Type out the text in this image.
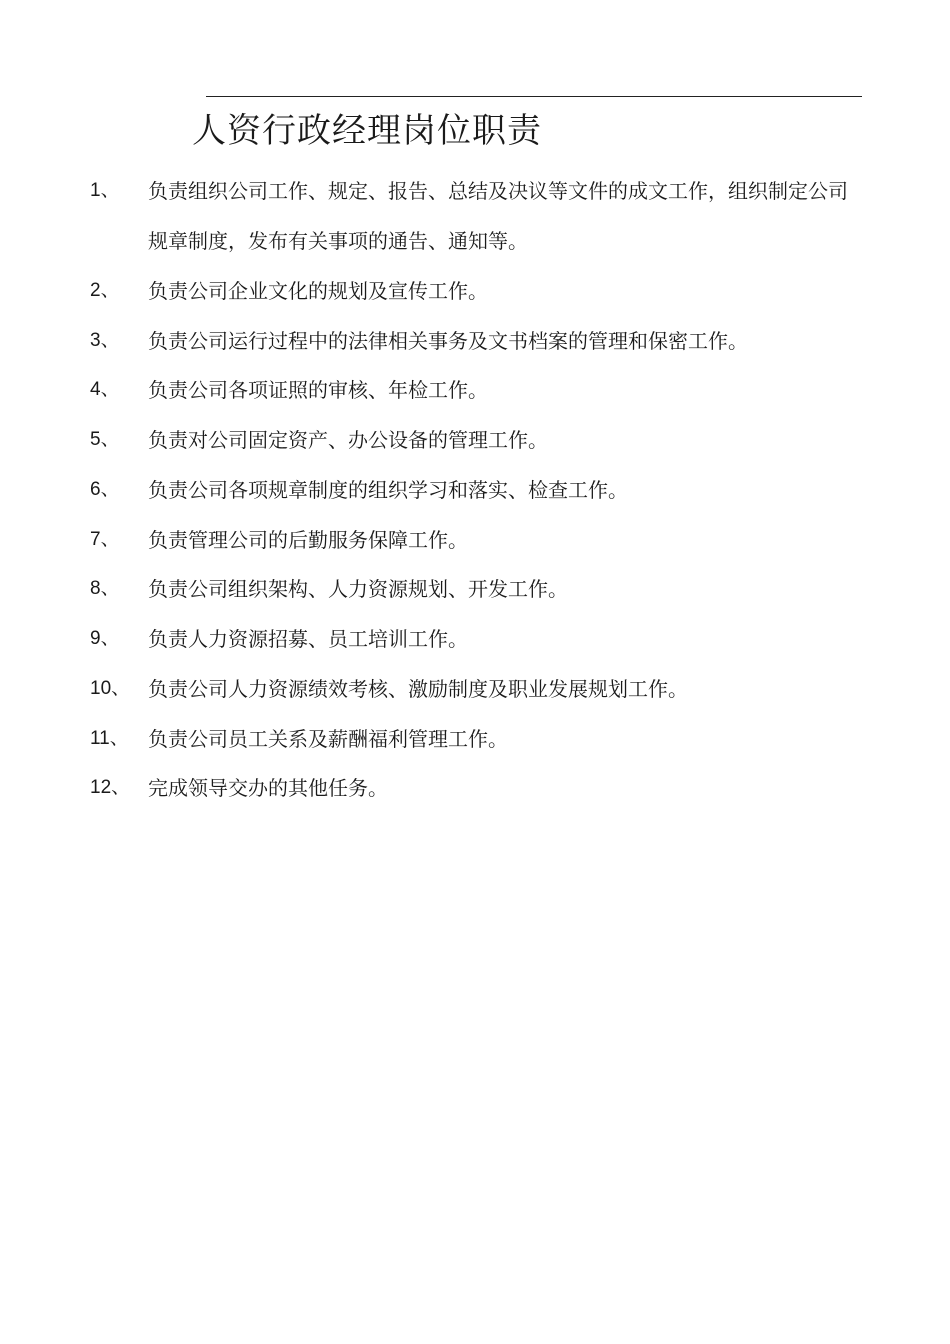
人资行政经理岗位职责
1、 负责组织公司工作、规定、报告、总结及决议等文件的成文工作，组织制定公司规章制度，发布有关事项的通告、通知等。
2、 负责公司企业文化的规划及宣传工作。
3、 负责公司运行过程中的法律相关事务及文书档案的管理和保密工作。
4、 负责公司各项证照的审核、年检工作。
5、 负责对公司固定资产、办公设备的管理工作。
6、 负责公司各项规章制度的组织学习和落实、检查工作。
7、 负责管理公司的后勤服务保障工作。
8、 负责公司组织架构、人力资源规划、开发工作。
9、 负责人力资源招募、员工培训工作。
10、 负责公司人力资源绩效考核、激励制度及职业发展规划工作。
11、 负责公司员工关系及薪酬福利管理工作。
12、 完成领导交办的其他任务。
